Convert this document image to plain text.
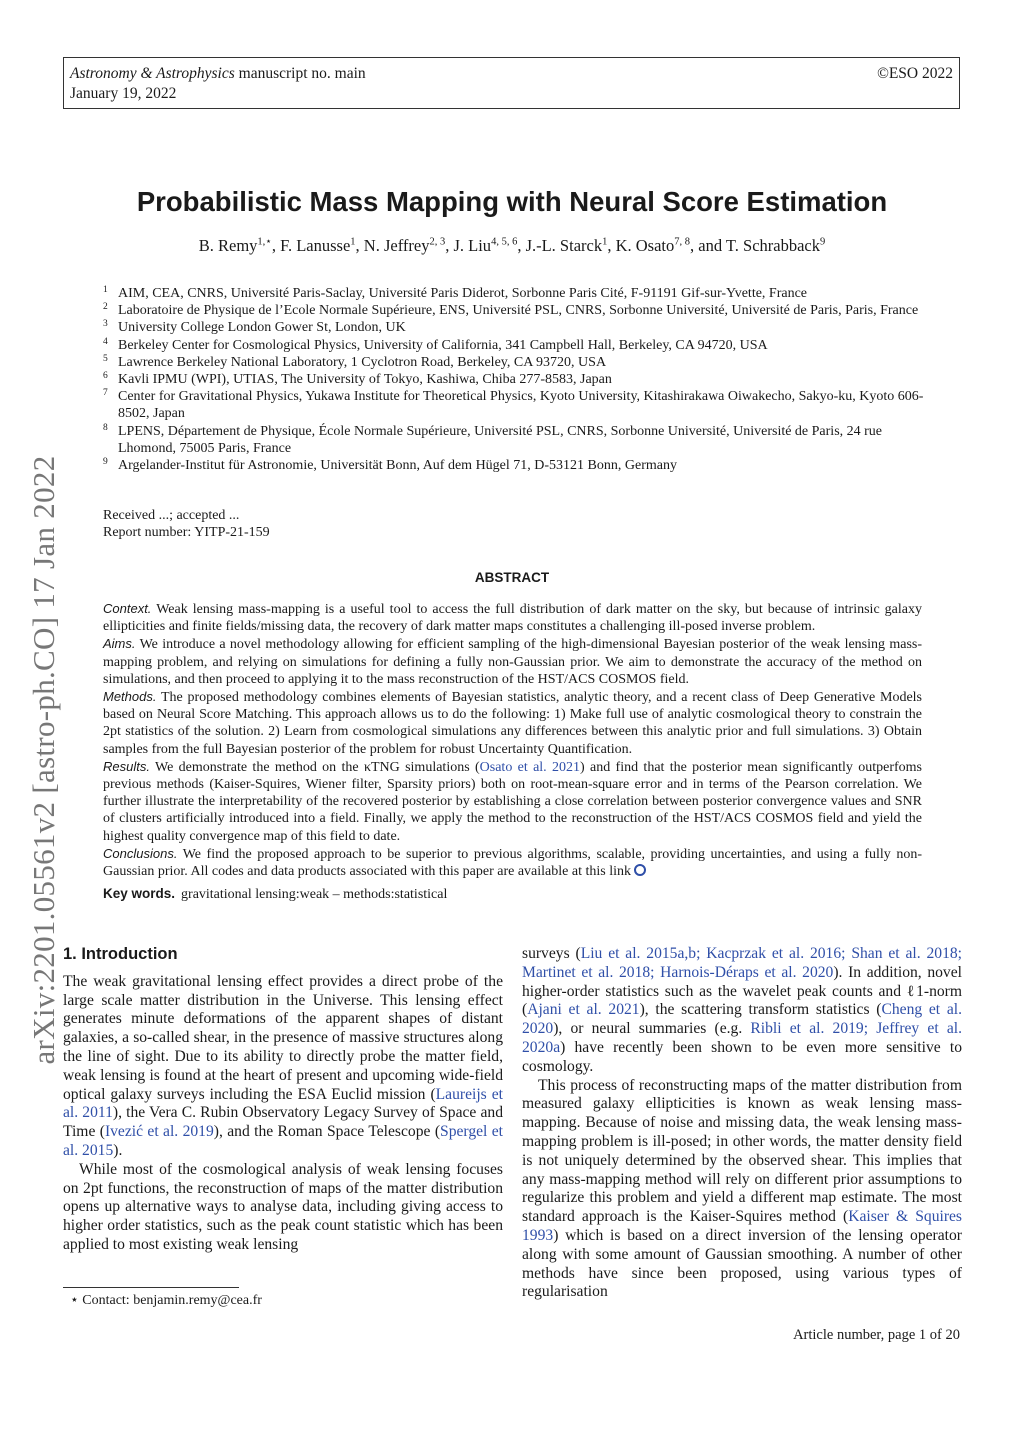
Astronomy & Astrophysics manuscript no. main
January 19, 2022
©ESO 2022
arXiv:2201.05561v2 [astro-ph.CO] 17 Jan 2022
Probabilistic Mass Mapping with Neural Score Estimation
B. Remy$^{1,⋆}$, F. Lanusse$^1$, N. Jeffrey$^{2, 3}$, J. Liu$^{4, 5, 6}$, J.-L. Starck$^1$, K. Osato$^{7, 8}$, and T. Schrabback$^9$
1 AIM, CEA, CNRS, Université Paris-Saclay, Université Paris Diderot, Sorbonne Paris Cité, F-91191 Gif-sur-Yvette, France
2 Laboratoire de Physique de l’Ecole Normale Supérieure, ENS, Université PSL, CNRS, Sorbonne Université, Université de Paris, Paris, France
3 University College London Gower St, London, UK
4 Berkeley Center for Cosmological Physics, University of California, 341 Campbell Hall, Berkeley, CA 94720, USA
5 Lawrence Berkeley National Laboratory, 1 Cyclotron Road, Berkeley, CA 93720, USA
6 Kavli IPMU (WPI), UTIAS, The University of Tokyo, Kashiwa, Chiba 277-8583, Japan
7 Center for Gravitational Physics, Yukawa Institute for Theoretical Physics, Kyoto University, Kitashirakawa Oiwakecho, Sakyo-ku, Kyoto 606-8502, Japan
8 LPENS, Département de Physique, École Normale Supérieure, Université PSL, CNRS, Sorbonne Université, Université de Paris, 24 rue Lhomond, 75005 Paris, France
9 Argelander-Institut für Astronomie, Universität Bonn, Auf dem Hügel 71, D-53121 Bonn, Germany
Received ...; accepted ...
Report number: YITP-21-159
ABSTRACT

Context. Weak lensing mass-mapping is a useful tool to access the full distribution of dark matter on the sky, but because of intrinsic galaxy ellipticities and finite fields/missing data, the recovery of dark matter maps constitutes a challenging ill-posed inverse problem.

Aims. We introduce a novel methodology allowing for efficient sampling of the high-dimensional Bayesian posterior of the weak lensing mass-mapping problem, and relying on simulations for defining a fully non-Gaussian prior. We aim to demonstrate the accuracy of the method on simulations, and then proceed to applying it to the mass reconstruction of the HST/ACS COSMOS field.

Methods. The proposed methodology combines elements of Bayesian statistics, analytic theory, and a recent class of Deep Generative Models based on Neural Score Matching. This approach allows us to do the following: 1) Make full use of analytic cosmological theory to constrain the 2pt statistics of the solution. 2) Learn from cosmological simulations any differences between this analytic prior and full simulations. 3) Obtain samples from the full Bayesian posterior of the problem for robust Uncertainty Quantification.

Results. We demonstrate the method on the κTNG simulations (Osato et al. 2021) and find that the posterior mean significantly outperfoms previous methods (Kaiser-Squires, Wiener filter, Sparsity priors) both on root-mean-square error and in terms of the Pearson correlation. We further illustrate the interpretability of the recovered posterior by establishing a close correlation between posterior convergence values and SNR of clusters artificially introduced into a field. Finally, we apply the method to the reconstruction of the HST/ACS COSMOS field and yield the highest quality convergence map of this field to date.

Conclusions. We find the proposed approach to be superior to previous algorithms, scalable, providing uncertainties, and using a fully non-Gaussian prior. All codes and data products associated with this paper are available at this link

Key words. gravitational lensing:weak – methods:statistical

1. Introduction

The weak gravitational lensing effect provides a direct probe of the large scale matter distribution in the Universe. This lensing effect generates minute deformations of the apparent shapes of distant galaxies, a so-called shear, in the presence of massive structures along the line of sight. Due to its ability to directly probe the matter field, weak lensing is found at the heart of present and upcoming wide-field optical galaxy surveys including the ESA Euclid mission (Laureijs et al. 2011), the Vera C. Rubin Observatory Legacy Survey of Space and Time (Ivezić et al. 2019), and the Roman Space Telescope (Spergel et al. 2015).

While most of the cosmological analysis of weak lensing focuses on 2pt functions, the reconstruction of maps of the matter distribution opens up alternative ways to analyse data, including giving access to higher order statistics, such as the peak count statistic which has been applied to most existing weak lensing

surveys (Liu et al. 2015a,b; Kacprzak et al. 2016; Shan et al. 2018; Martinet et al. 2018; Harnois-Déraps et al. 2020). In addition, novel higher-order statistics such as the wavelet peak counts and ℓ1-norm (Ajani et al. 2021), the scattering transform statistics (Cheng et al. 2020), or neural summaries (e.g. Ribli et al. 2019; Jeffrey et al. 2020a) have recently been shown to be even more sensitive to cosmology.

This process of reconstructing maps of the matter distribution from measured galaxy ellipticities is known as weak lensing mass-mapping. Because of noise and missing data, the weak lensing mass-mapping problem is ill-posed; in other words, the matter density field is not uniquely determined by the observed shear. This implies that any mass-mapping method will rely on different prior assumptions to regularize this problem and yield a different map estimate. The most standard approach is the Kaiser-Squires method (Kaiser & Squires 1993) which is based on a direct inversion of the lensing operator along with some amount of Gaussian smoothing. A number of other methods have since been proposed, using various types of regularisation

⋆ Contact: benjamin.remy@cea.fr
Article number, page 1 of 20
